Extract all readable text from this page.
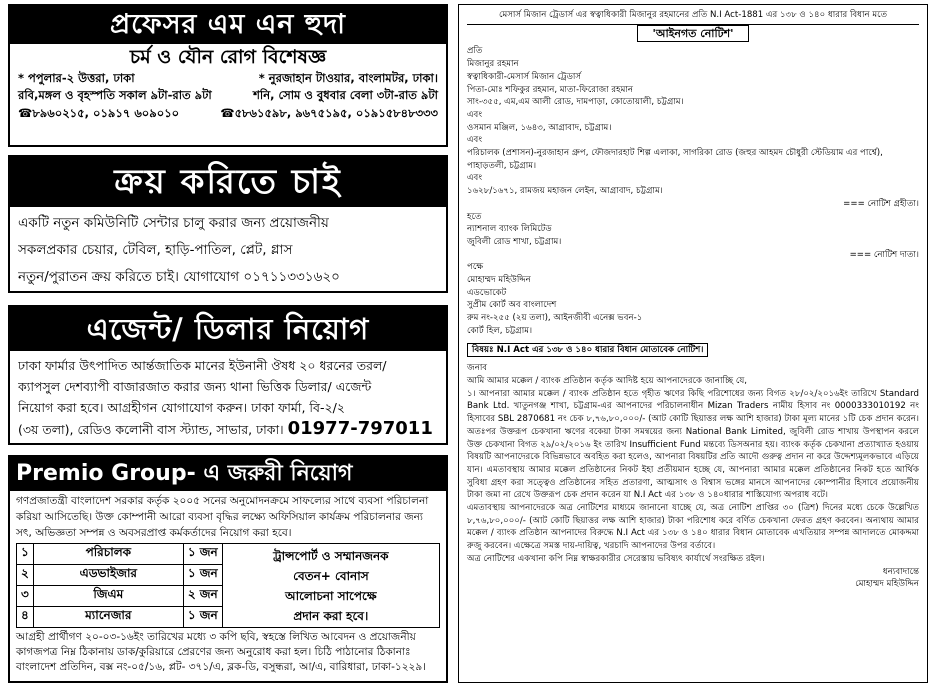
প্রফেসর এম এন হুদা
চর্ম ও যৌন রোগ বিশেষজ্ঞ
* পপুলার-২ উত্তরা, ঢাকা	* নুরজাহান টাওয়ার, বাংলামটর, ঢাকা।
রবি,মঙ্গল ও বৃহস্পতি সকাল ৯টা-রাত ৯টা	শনি, সোম ও বুধবার বেলা ৩টা-রাত ৯টা
☎৮৯৬০২১৫, ০১৯১৭ ৬০৯০১০	☎৫৮৬১৫৯৮, ৯৬৭৫১৯৫, ০১৯১৫৮৪৮৩৩৩
ক্রয় করিতে চাই
একটি নতুন কমিউনিটি সেন্টার চালু করার জন্য প্রয়োজনীয়
সকলপ্রকার চেয়ার, টেবিল, হাড়ি-পাতিল, প্লেট, গ্লাস
নতুন/পুরাতন ক্রয় করিতে চাই। যোগাযোগ ০১৭১১৩৩১৬২০
এজেন্ট/ ডিলার নিয়োগ
ঢাকা ফার্মার উৎপাদিত আর্ন্তজাতিক মানের ইউনানী ঔষধ ২০ ধরনের তরল/
ক্যাপসুল দেশব্যাপী বাজারজাত করার জন্য থানা ভিত্তিক ডিলার/ এজেন্ট
নিয়োগ করা হবে। আগ্রহীগন যোগাযোগ করুন। ঢাকা ফার্মা, বি-২/২
(৩য় তলা), রেডিও কলোনী বাস স্ট্যান্ড, সাভার, ঢাকা। 01977-797011
Premio Group- এ জরুরী নিয়োগ
গণপ্রজাতন্ত্রী বাংলাদেশ সরকার কর্তৃক ২০০৫ সনের অনুমোদনক্রমে সাফল্যের সাথে ব্যবসা পরিচালনা করিয়া আসিতেছি। উক্ত কোম্পানী আরো ব্যবসা বৃদ্ধির লক্ষ্যে অফিসিয়াল কার্যক্রম পরিচালনার জন্য সৎ, অভিজ্ঞতা সম্পন্ন ও অবসরপ্রাপ্ত কর্মকর্তাদের নিয়োগ করা হবে।
১	পরিচালক	১ জন
২	এডভাইজার	১ জন
৩	জিএম	২ জন
৪	ম্যানেজার	১ জন
ট্রান্সপোর্ট ও সম্মানজনক
বেতন+ বোনাস
আলোচনা সাপেক্ষে
প্রদান করা হবে।
আগ্রহী প্রার্থীগণ ২০-০৩-১৬ইং তারিখের মধ্যে ৩ কপি ছবি, স্বহস্তে লিখিত আবেদন ও প্রয়োজনীয় কাগজপত্র নিম্ন ঠিকানায় ডাক/কুরিয়ারে প্রেরণের জন্য অনুরোধ করা হল। চিঠি পাঠানোর ঠিকানাঃ বাংলাদেশ প্রতিদিন, বক্স নং-০৫/১৬, প্লট- ৩৭১/এ, ব্লক-ডি, বসুন্ধরা, আ/এ, বারিধারা, ঢাকা-১২২৯।
মেসার্স মিজান ট্রেডার্স এর স্বত্বাধিকারী মিজানুর রহমানের প্রতি N.I Act-1881 এর ১৩৮ ও ১৪০ ধারার বিধান মতে
'আইনগত নোটিশ'
প্রতি
মিজানুর রহমান
স্বত্বাধিকারী-মেসার্স মিজান ট্রেডার্স
পিতা-মোঃ শফিকুর রহমান, মাতা-ফিরোজা রহমান
সাং-৩৫৫, এম,এম আলী রোড, দামপাড়া, কোতোয়ালী, চট্টগ্রাম।
এবং
ওসমান মঞ্জিল, ১৬৪৩, আগ্রাবাদ, চট্টগ্রাম।
এবং
পরিচালক (প্রশাসন)-নুরজাহান গ্রুপ, ফৌজদারহাট শিল্প এলাকা, সাগরিকা রোড (জহুর আহমদ চৌধুরী স্টেডিয়াম এর পার্শ্বে),
পাহাড়তলী, চট্টগ্রাম।
এবং
১৬২৮/১৬৭১, রামজয় মহাজন লেইন, আগ্রাবাদ, চট্টগ্রাম।
=== নোটিশ গ্রহীতা।
হতে
ন্যাশনাল ব্যাংক লিমিটেড
জুবিলী রোড শাখা, চট্টগ্রাম।
=== নোটিশ দাতা।
পক্ষে
মোহাম্মদ মহিউদ্দিন
এডভোকেট
সুপ্রীম কোর্ট অব বাংলাদেশ
রুম নং-২৫৫ (২য় তলা), আইনজীবী এনেক্স ভবন-১
কোর্ট হিল, চট্টগ্রাম।
বিষয়ঃ N.I Act এর ১৩৮ ও ১৪০ ধারার বিধান মোতাবেক নোটিশ।
জনাব

আমি আমার মক্কেল / ব্যাংক প্রতিষ্ঠান কর্তৃক আদিষ্ট হয়ে আপনাদেরকে জানাচ্ছি যে,

১। আপনারা আমার মক্কেল / ব্যাংক প্রতিষ্ঠান হতে গৃহীত ঋণের কিছি পরিশোধের জন্য বিগত ২৮/০২/২০১৬ইং তারিখে Standard Bank Ltd. খাতুনগঞ্জ শাখা, চট্টগ্রাম-এর আপনাদের পরিচালনাধীন Mizan Traders নামীয় হিসাব নং 0000333010192 নং হিসাবের SBL 2870681 নং চেক ৮,৭৬,৮০,০০০/- (আট কোটি ছিয়াত্তর লক্ষ আশি হাজার) টাকা মূল্য মানের ১টি চেক প্রদান করেন। অতঃপর উক্তরূপ চেকখানা ঋণের বকেয়া টাকা সমন্বয়ের জন্য National Bank Limited, জুবিলী রোড শাখায় উপস্থাপন করলে উক্ত চেকখানা বিগত ২৯/০২/২০১৬ ইং তারিখ Insufficient Fund মন্তব্যে ডিসঅনার হয়। ব্যাংক কর্তৃক চেকখানা প্রত্যাখ্যাত হওয়ায় বিষয়টি আপনাদেরকে বিভিন্নভাবে অবহিত করা হলেও, আপনারা বিষয়টির প্রতি আদৌ গুরুত্ব প্রদান না করে উদ্দেশ্যমূলকভাবে এড়িয়ে যান। এমতাবস্থায় আমার মক্কেল প্রতিষ্ঠানের নিকট ইহা প্রতীয়মান হচ্ছে যে, আপনারা আমার মক্কেল প্রতিষ্ঠানের নিকট হতে আর্থিক সুবিধা গ্রহণ করা সত্ত্বেও প্রতিষ্ঠানের সহিত প্রতারণা, আত্মসাৎ ও বিশ্বাস ভঙ্গের মানসে আপনাদের কোম্পানীর হিসাবে প্রয়োজনীয় টাকা জমা না রেখে উক্তরূপ চেক প্রদান করেন যা N.I Act এর ১৩৮ ও ১৪০ধারার শাস্তিযোগ্য অপরাধ বটে।

এমতাবস্থায় আপনাদেরকে অত্র নোটিশের মাধ্যমে জানানো যাচ্ছে যে, অত্র নোটিশ প্রাপ্তির ৩০ (ত্রিশ) দিনের মধ্যে চেকে উল্লেখিত ৮,৭৬,৮০,০০০/- (আট কোটি ছিয়াত্তর লক্ষ আশি হাজার) টাকা পরিশোধ করে বর্ণিত চেকখানা ফেরত গ্রহণ করবেন। অন্যথায় আমার মক্কেল / ব্যাংক প্রতিষ্ঠান আপনাদের বিরুদ্ধে N.I Act এর ১৩৮ ও ১৪০ ধারার বিধান মোতাবেক এখতিয়ার সম্পন্ন আদালতে মোকদ্দমা রুজু করবেন। এক্ষেত্রে সমস্ত দায়-দায়িত্ব, খরচাদি আপনাদের উপর বর্তাবে।

অত্র নোটিশের একখানা কপি নিম্ন স্বাক্ষরকারীর সেরেস্তায় ভবিষ্যৎ কার্যার্থে সংরক্ষিত রইল।

ধন্যবাদান্তে
মোহাম্মদ মহিউদ্দিন
